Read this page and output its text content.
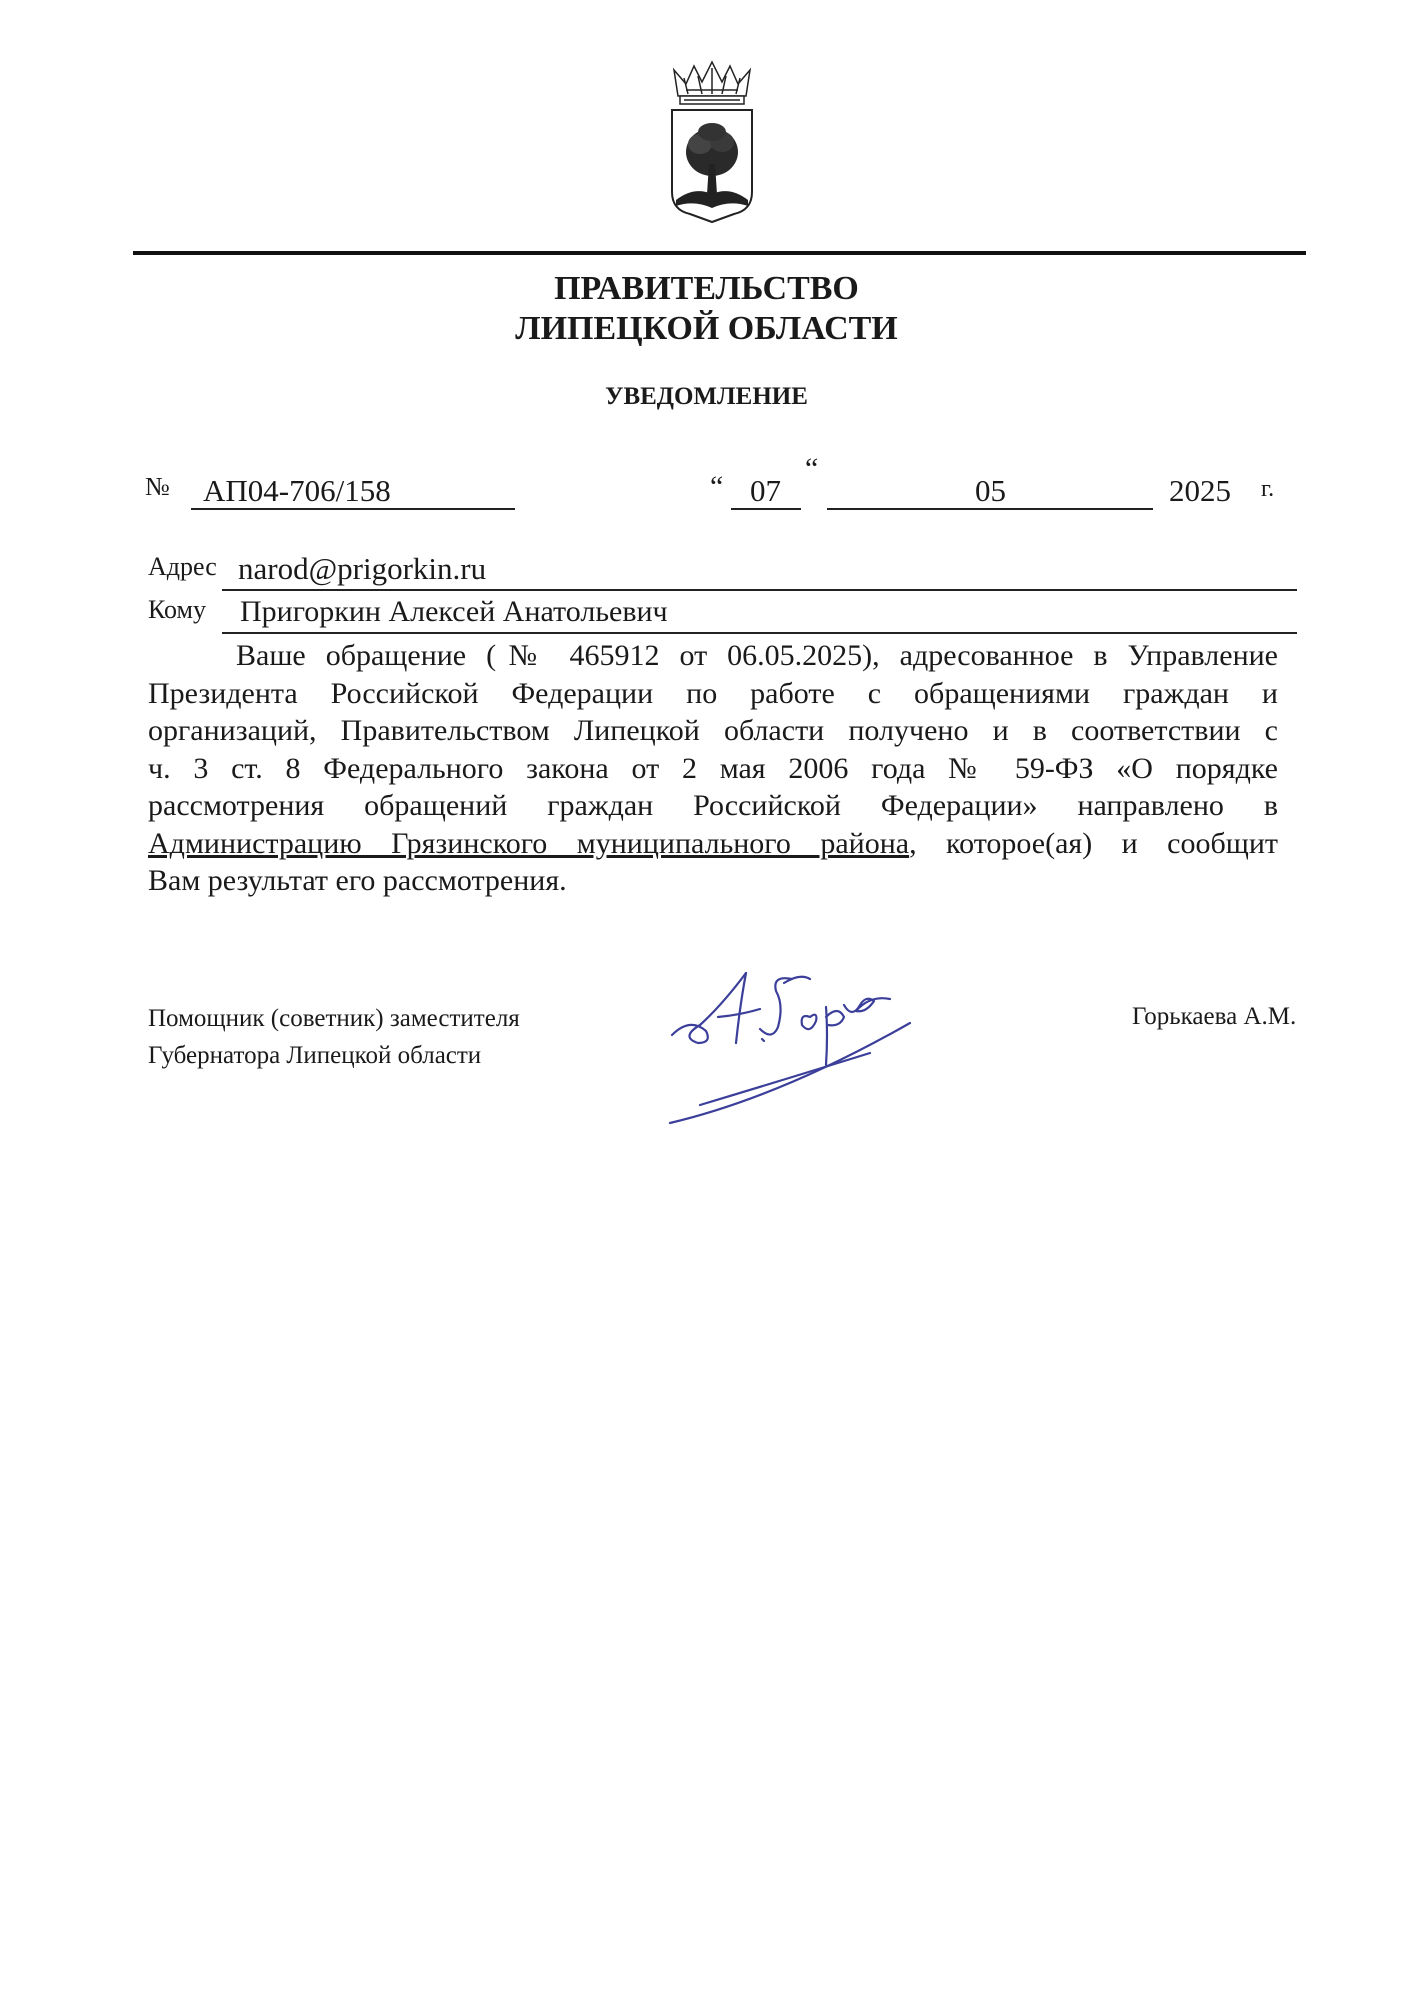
ПРАВИТЕЛЬСТВО
ЛИПЕЦКОЙ ОБЛАСТИ
УВЕДОМЛЕНИЕ
№ АП04-706/158	“ 07
“
05	2025 г.
Адрес narod@prigorkin.ru
Кому Пригоркин Алексей Анатольевич
Ваше обращение (№ 465912 от 06.05.2025), адресованное в Управление
Президента Российской Федерации по работе с обращениями граждан и
организаций, Правительством Липецкой области получено и в соответствии с
ч. 3 ст. 8 Федерального закона от 2 мая 2006 года № 59-ФЗ «О порядке
рассмотрения обращений граждан Российской Федерации» направлено в
Администрацию Грязинского муниципального района, которое(ая) и сообщит
Вам результат его рассмотрения.
Помощник (советник) заместителя
Губернатора Липецкой области
Горькаева А.М.
